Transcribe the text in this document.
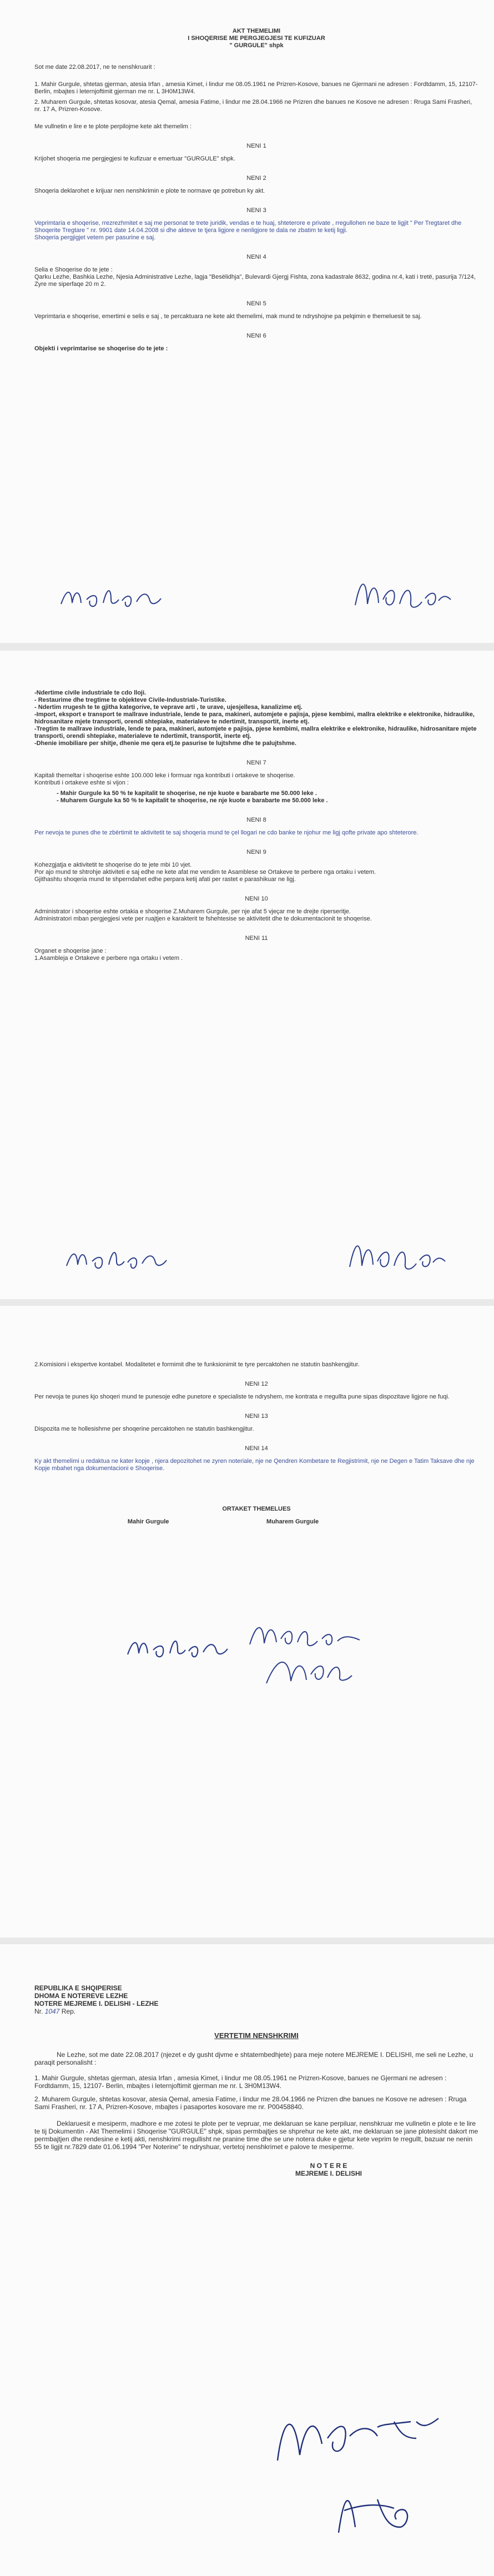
AKT THEMELIMI
I SHOQERISE ME PERGJEGJESI TE KUFIZUAR
" GURGULE" shpk
Sot me date 22.08.2017, ne te nenshkruarit :
1. Mahir Gurgule, shtetas gjerman, atesia Irfan , amesia Kimet, i lindur me 08.05.1961 ne Prizren-Kosove, banues ne Gjermani ne adresen : Fordtdamm, 15, 12107- Berlin, mbajtes i leternjoftimit gjerman me nr. L 3H0M13W4.
2. Muharem Gurgule, shtetas kosovar, atesia Qemal, amesia Fatime, i lindur me 28.04.1966 ne Prizren dhe banues ne Kosove ne adresen : Rruga Sami Frasheri, nr. 17 A, Prizren-Kosove.
Me vullnetin e lire e te plote perpilojme kete akt themelim :
NENI 1
Krijohet shoqeria me pergjegjesi te kufizuar e emertuar "GURGULE" shpk.
NENI 2
Shoqeria deklarohet e krijuar nen nenshkrimin e plote te normave qe potrebun ky akt.
NENI 3
Veprimtaria e shoqerise, rrezrezhmitet e saj me personat te trete juridik, vendas e te huaj, shteterore e private , rregullohen ne baze te ligjit " Per Tregtaret dhe Shoqerite Tregtare " nr. 9901 date 14.04.2008 si dhe akteve te tjera ligjore e nenligjore te dala ne zbatim te ketij ligji.
Shoqeria pergjigjet vetem per pasurine e saj.
NENI 4
Selia e Shoqerise do te jete :
Qarku Lezhe, Bashkia Lezhe, Njesia Administrative Lezhe, lagja "Besëlidhja", Bulevardi Gjergj Fishta, zona kadastrale 8632, godina nr.4, kati i tretë, pasurija 7/124, Zyre me siperfaqe 20 m 2.
NENI 5
Veprimtaria e shoqerise, emertimi e selis e saj , te percaktuara ne kete akt themelimi, mak mund te ndryshojne pa pelqimin e themeluesit te saj.
NENI 6
Objekti i veprimtarise se shoqerise do te jete :
-Ndertime civile industriale te cdo lloji.
- Restaurime dhe tregtime te objekteve Civile-Industriale-Turistike.
- Ndertim rrugesh te te gjitha kategorive, te veprave arti , te urave, ujesjellesa, kanalizime etj.
-Import, eksport e transport te mallrave industriale, lende te para, makineri, automjete e pajisja, pjese kembimi, mallra elektrike e elektronike, hidraulike, hidrosanitare mjete transporti, orendi shtepiake, materialeve te ndertimit, transportit, inerte etj.
-Tregtim te mallrave industriale, lende te para, makineri, automjete e pajisja, pjese kembimi, mallra elektrike e elektronike, hidraulike, hidrosanitare mjete transporti, orendi shtepiake, materialeve te ndertimit, transportit, inerte etj.
-Dhenie imobiliare per shitje, dhenie me qera etj.te pasurise te lujtshme dhe te palujtshme.
NENI 7
Kapitali themeltar i shoqerise eshte 100.000 leke i formuar nga kontributi i ortakeve te shoqerise.
Kontributi i ortakeve eshte si vijon :
- Mahir Gurgule ka 50 % te kapitalit te shoqerise, ne nje kuote e barabarte me 50.000 leke .
- Muharem Gurgule ka 50 % te kapitalit te shoqerise, ne nje kuote e barabarte me 50.000 leke .
NENI 8
Per nevoja te punes dhe te zbërtimit te aktivitetit te saj shoqeria mund te çel llogari ne cdo banke te njohur me ligj qofte private apo shteterore.
NENI 9
Kohezgjatja e aktivitetit te shoqerise do te jete mbi 10 vjet.
Por ajo mund te shtrohje aktiviteti e saj edhe ne kete afat me vendim te Asamblese se Ortakeve te perbere nga ortaku i vetem.
Gjithashtu shoqeria mund te shperndahet edhe perpara ketij afati per rastet e parashikuar ne ligj.
NENI 10
Administrator i shoqerise eshte ortakia e shoqerise Z.Muharem Gurgule, per nje afat 5 vjeçar me te drejte riperseritje.
Administratori mban pergjegjesi vete per ruajtjen e karakterit te fshehtesise se aktivitetit dhe te dokumentacionit te shoqerise.
NENI 11
Organet e shoqerise jane :
1.Asambleja e Ortakeve e perbere nga ortaku i vetem .
2.Komisioni i ekspertve kontabel. Modalitetet e formimit dhe te funksionimit te tyre percaktohen ne statutin bashkengjitur.
NENI 12
Per nevoja te punes kjo shoqeri mund te punesoje edhe punetore e specialiste te ndryshem, me kontrata e rregullta pune sipas dispozitave ligjore ne fuqi.
NENI 13
Dispozita me te hollesishme per shoqerine percaktohen ne statutin bashkengjitur.
NENI 14
Ky akt themelimi u redaktua ne kater kopje , njera depozitohet ne zyren noteriale, nje ne Qendren Kombetare te Regjistrimit, nje ne Degen e Tatim Taksave dhe nje Kopje mbahet nga dokumentacioni e Shoqerise.
ORTAKET THEMELUES
Mahir Gurgule	Muharem Gurgule
REPUBLIKA E SHQIPERISE
DHOMA E NOTEREVE LEZHE
NOTERE MEJREME I. DELISHI - LEZHE
Nr. 1047 Rep.
VERTETIM NENSHKRIMI
Ne Lezhe, sot me date 22.08.2017 (njezet e dy gusht djvme e shtatembedhjete) para meje notere MEJREME I. DELISHI, me seli ne Lezhe, u paraqit personalisht :
1. Mahir Gurgule, shtetas gjerman, atesia Irfan , amesia Kimet, i lindur me 08.05.1961 ne Prizren-Kosove, banues ne Gjermani ne adresen : Fordtdamm, 15, 12107- Berlin, mbajtes i leternjoftimit gjerman me nr. L 3H0M13W4.
2. Muharem Gurgule, shtetas kosovar, atesia Qemal, amesia Fatime, i lindur me 28.04.1966 ne Prizren dhe banues ne Kosove ne adresen : Rruga Sami Frasheri, nr. 17 A, Prizren-Kosove, mbajtes i pasaportes kosovare me nr. P00458840.
Deklaruesit e mesiperm, madhore e me zotesi te plote per te vepruar, me deklaruan se kane perpiluar, nenshkruar me vullnetin e plote e te lire te tij Dokumentin - Akt Themelimi i Shoqerise "GURGULE" shpk, sipas permbajtjes se shprehur ne kete akt, me deklaruan se jane plotesisht dakort me permbajtjen dhe rendesine e ketij akti, nenshkrimi rregullisht ne praninе time dhe se une notera duke e gjetur kete veprim te rregullt, bazuar ne nenin 55 te ligjit nr.7829 date 01.06.1994 "Per Noterine" te ndryshuar, vertetoj nenshkrimet e palove te mesiperme.
N O T E R E
MEJREME I. DELISHI
